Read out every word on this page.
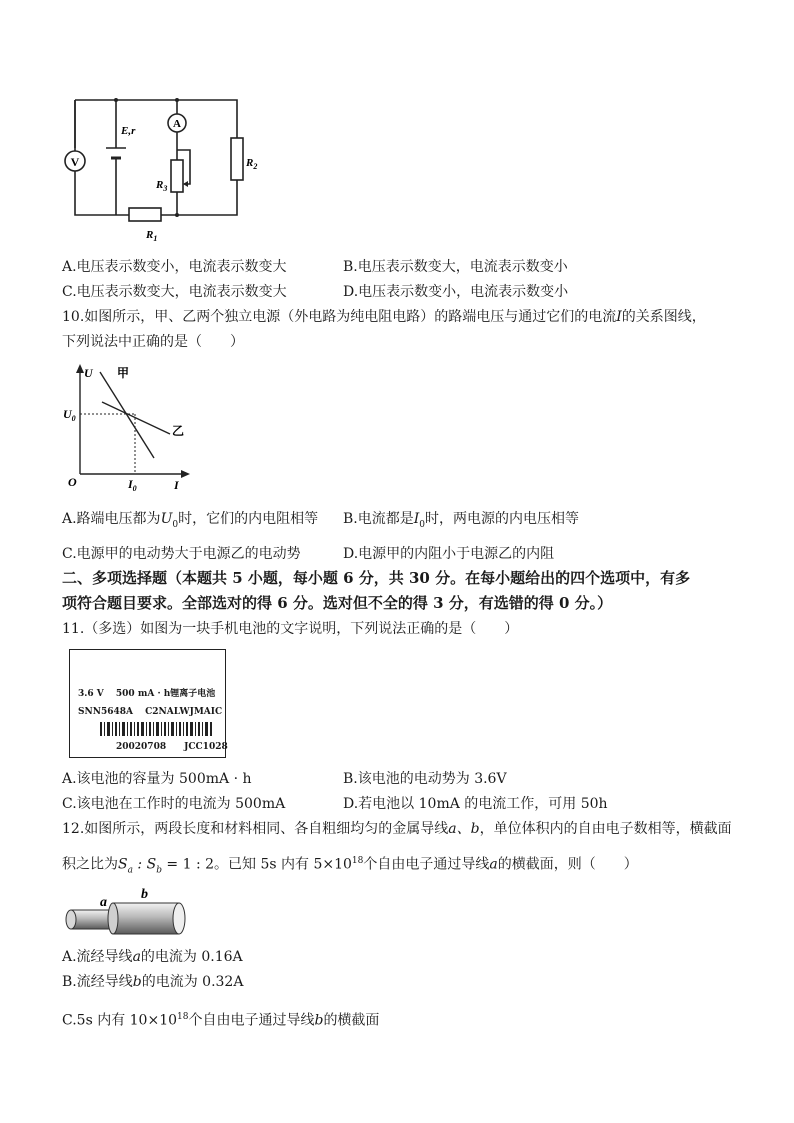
V
E,r
A
$R_3$
$R_2$
$R_1$
A.电压表示数变小，电流表示数变大	B.电压表示数变大，电流表示数变小
C.电压表示数变大，电流表示数变大	D.电压表示数变小，电流表示数变小
10.如图所示，甲、乙两个独立电源（外电路为纯电阻电路）的路端电压与通过它们的电流I的关系图线，
下列说法中正确的是（　　）
U
I
O
$U_0$
$I_0$
甲
乙
A.路端电压都为$U_0$时，它们的内电阻相等 B.电流都是$I_0$时，两电源的内电压相等
C.电源甲的电动势大于电源乙的电动势	D.电源甲的内阻小于电源乙的内阻
二、多项选择题（本题共 5 小题，每小题 6 分，共 30 分。在每小题给出的四个选项中，有多
项符合题目要求。全部选对的得 6 分。选对但不全的得 3 分，有选错的得 0 分。）
11.（多选）如图为一块手机电池的文字说明，下列说法正确的是（　　）
3.6 V　 500 mA · h锂离子电池
SNN5648A　 C2NALWJMAIC
20020708　　JCC1028
A.该电池的容量为 500mA · h	B.该电池的电动势为 3.6V
C.该电池在工作时的电流为 500mA	D.若电池以 10mA 的电流工作，可用 50h
12.如图所示，两段长度和材料相同、各自粗细均匀的金属导线a、b，单位体积内的自由电子数相等，横截面
积之比为$S_a$ : $S_b = 1$ : 2。已知 5s 内有 $5\times 10^{18}$个自由电子通过导线a的横截面，则（　　）
a
b
A.流经导线a的电流为 0.16A
B.流经导线b的电流为 0.32A
C.5s 内有 $10\times 10^{18}$个自由电子通过导线b的横截面
